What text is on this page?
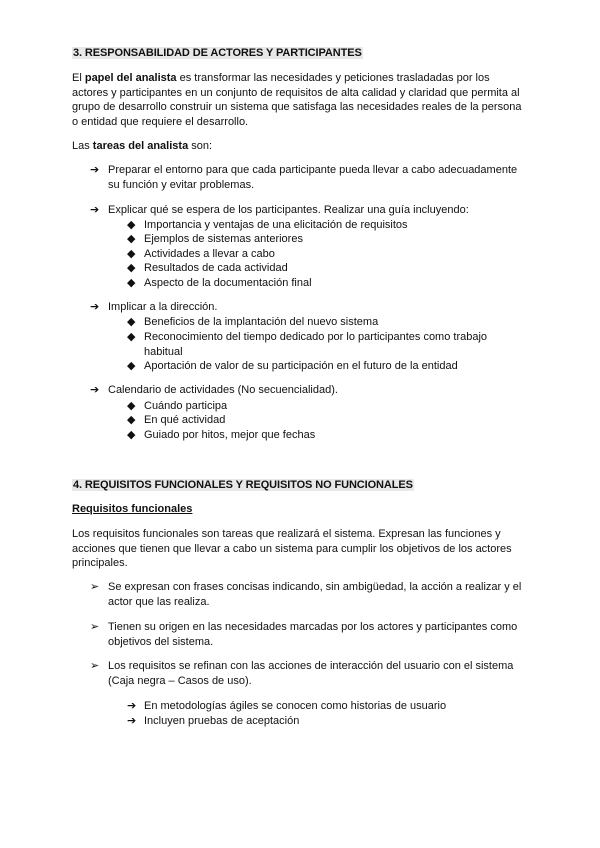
3. RESPONSABILIDAD DE ACTORES Y PARTICIPANTES
El papel del analista es transformar las necesidades y peticiones trasladadas por los actores y participantes en un conjunto de requisitos de alta calidad y claridad que permita al grupo de desarrollo construir un sistema que satisfaga las necesidades reales de la persona o entidad que requiere el desarrollo.
Las tareas del analista son:
➔ Preparar el entorno para que cada participante pueda llevar a cabo adecuadamente su función y evitar problemas.
➔ Explicar qué se espera de los participantes. Realizar una guía incluyendo:
◆ Importancia y ventajas de una elicitación de requisitos
◆ Ejemplos de sistemas anteriores
◆ Actividades a llevar a cabo
◆ Resultados de cada actividad
◆ Aspecto de la documentación final
➔ Implicar a la dirección.
◆ Beneficios de la implantación del nuevo sistema
◆ Reconocimiento del tiempo dedicado por lo participantes como trabajo habitual
◆ Aportación de valor de su participación en el futuro de la entidad
➔ Calendario de actividades (No secuencialidad).
◆ Cuándo participa
◆ En qué actividad
◆ Guiado por hitos, mejor que fechas
4. REQUISITOS FUNCIONALES Y REQUISITOS NO FUNCIONALES
Requisitos funcionales
Los requisitos funcionales son tareas que realizará el sistema. Expresan las funciones y acciones que tienen que llevar a cabo un sistema para cumplir los objetivos de los actores principales.
➢ Se expresan con frases concisas indicando, sin ambigüedad, la acción a realizar y el actor que las realiza.
➢ Tienen su origen en las necesidades marcadas por los actores y participantes como objetivos del sistema.
➢ Los requisitos se refinan con las acciones de interacción del usuario con el sistema (Caja negra – Casos de uso).
➔ En metodologías ágiles se conocen como historias de usuario
➔ Incluyen pruebas de aceptación
